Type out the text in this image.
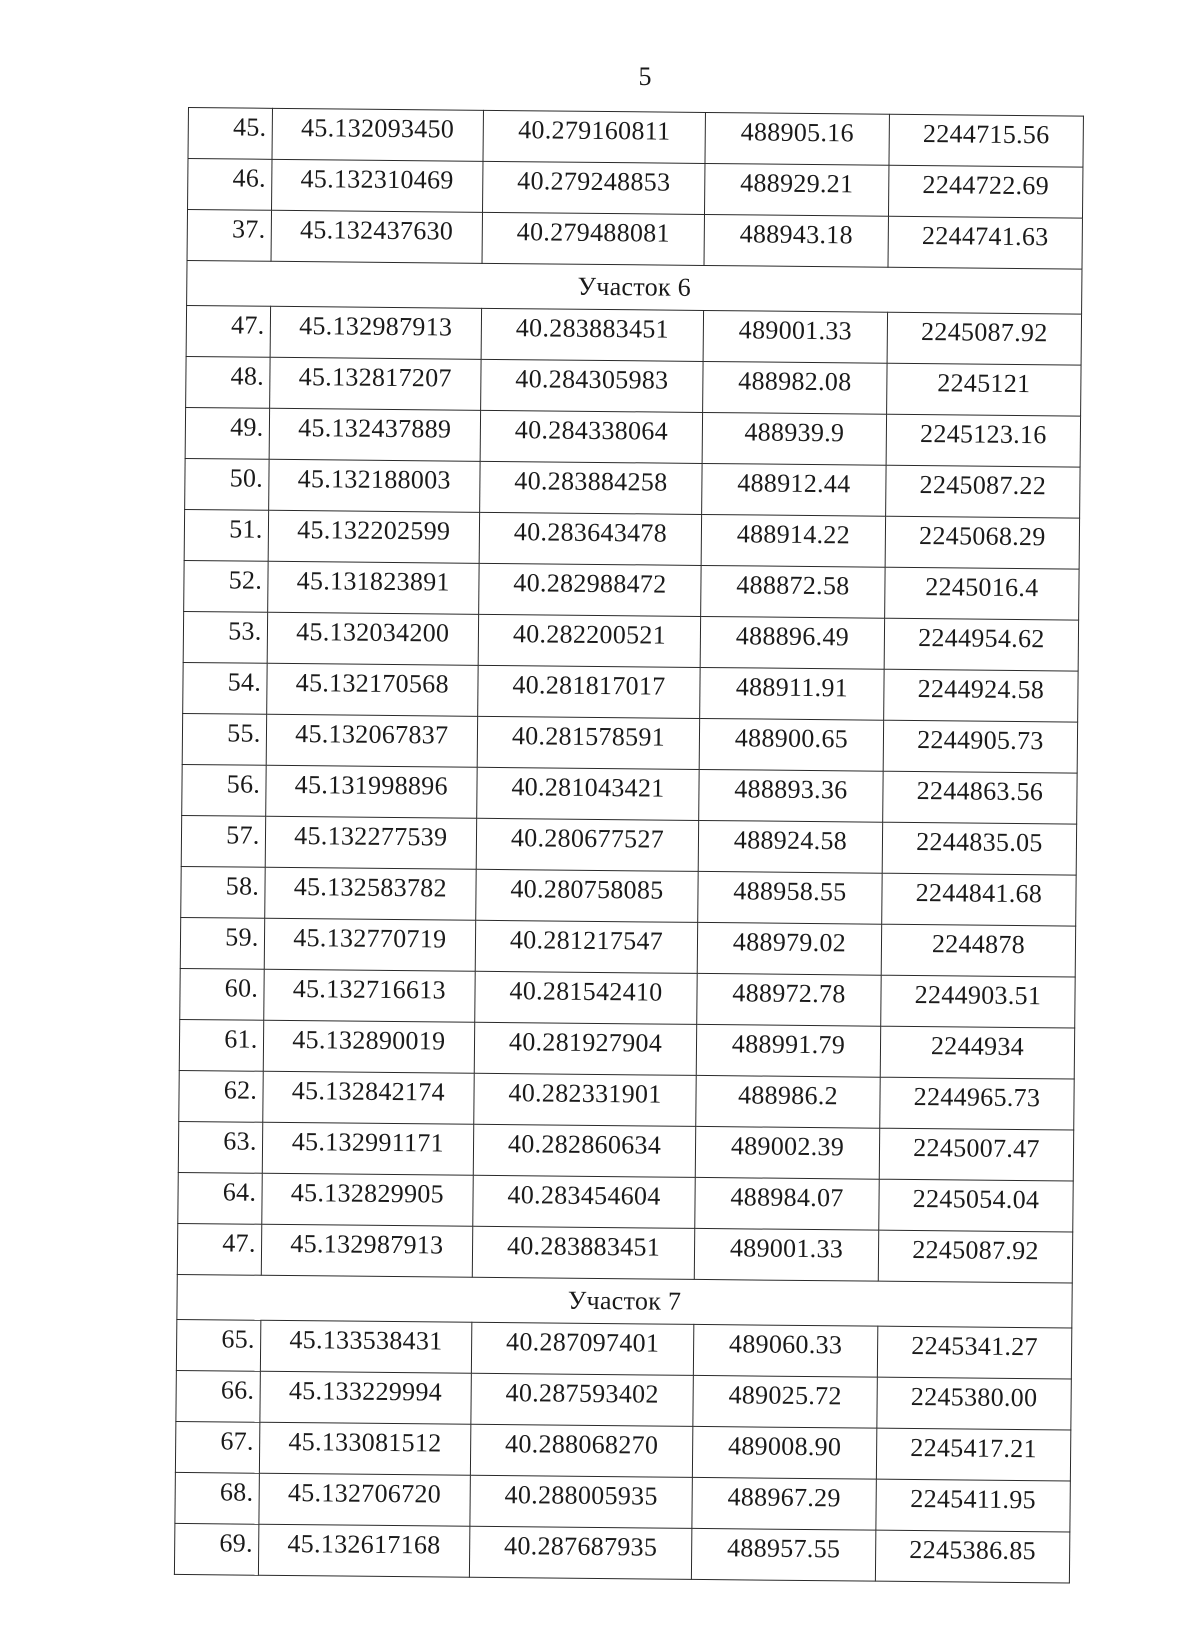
5
45.	45.132093450	40.279160811	488905.16	2244715.56
46.	45.132310469	40.279248853	488929.21	2244722.69
37.	45.132437630	40.279488081	488943.18	2244741.63
Участок 6				
47.	45.132987913	40.283883451	489001.33	2245087.92
48.	45.132817207	40.284305983	488982.08	2245121
49.	45.132437889	40.284338064	488939.9	2245123.16
50.	45.132188003	40.283884258	488912.44	2245087.22
51.	45.132202599	40.283643478	488914.22	2245068.29
52.	45.131823891	40.282988472	488872.58	2245016.4
53.	45.132034200	40.282200521	488896.49	2244954.62
54.	45.132170568	40.281817017	488911.91	2244924.58
55.	45.132067837	40.281578591	488900.65	2244905.73
56.	45.131998896	40.281043421	488893.36	2244863.56
57.	45.132277539	40.280677527	488924.58	2244835.05
58.	45.132583782	40.280758085	488958.55	2244841.68
59.	45.132770719	40.281217547	488979.02	2244878
60.	45.132716613	40.281542410	488972.78	2244903.51
61.	45.132890019	40.281927904	488991.79	2244934
62.	45.132842174	40.282331901	488986.2	2244965.73
63.	45.132991171	40.282860634	489002.39	2245007.47
64.	45.132829905	40.283454604	488984.07	2245054.04
47.	45.132987913	40.283883451	489001.33	2245087.92
Участок 7				
65.	45.133538431	40.287097401	489060.33	2245341.27
66.	45.133229994	40.287593402	489025.72	2245380.00
67.	45.133081512	40.288068270	489008.90	2245417.21
68.	45.132706720	40.288005935	488967.29	2245411.95
69.	45.132617168	40.287687935	488957.55	2245386.85
